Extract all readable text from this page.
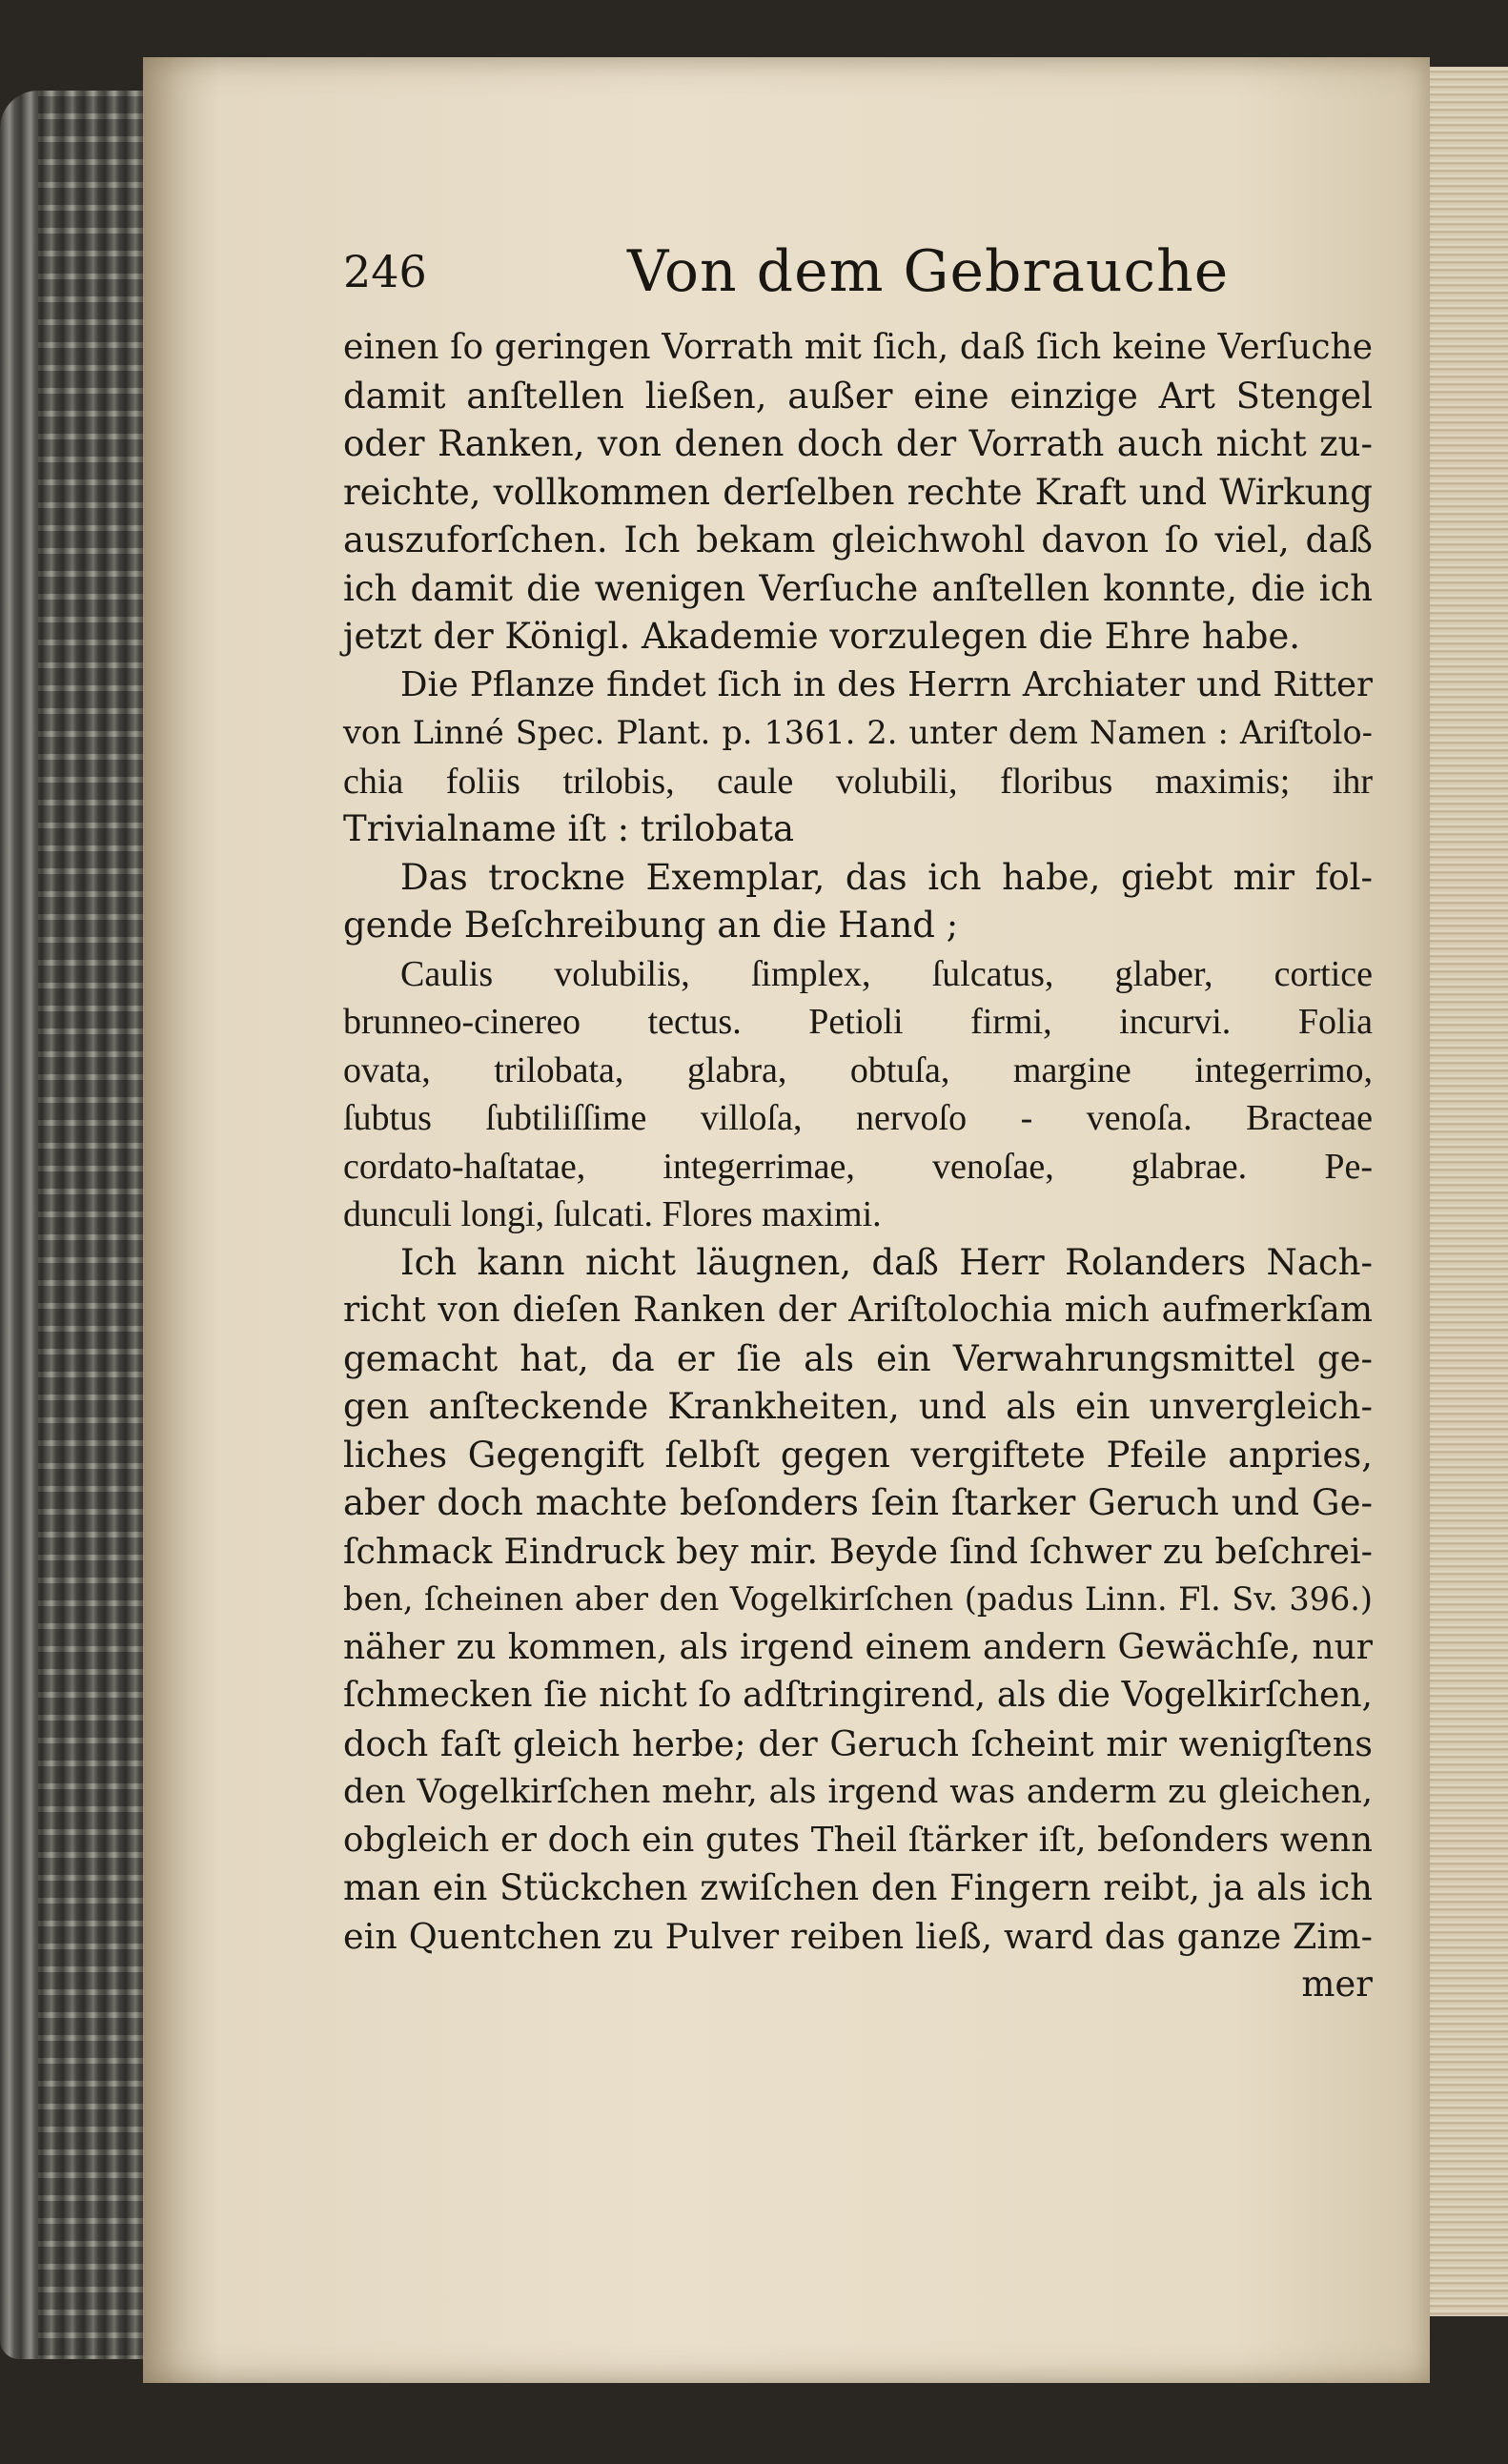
246	Von dem Gebrauche
einen ſo geringen Vorrath mit ſich, daß ſich keine Verſuche
damit anſtellen ließen, außer eine einzige Art Stengel
oder Ranken, von denen doch der Vorrath auch nicht zu-
reichte, vollkommen derſelben rechte Kraft und Wirkung
auszuforſchen. Ich bekam gleichwohl davon ſo viel, daß
ich damit die wenigen Verſuche anſtellen konnte, die ich
jetzt der Königl. Akademie vorzulegen die Ehre habe.
Die Pflanze findet ſich in des Herrn Archiater und Ritter
von Linné Spec. Plant. p. 1361. 2. unter dem Namen : Ariſtolo-
chia foliis trilobis, caule volubili, floribus maximis; ihr
Trivialname iſt : trilobata
Das trockne Exemplar, das ich habe, giebt mir fol-
gende Beſchreibung an die Hand ;
Caulis volubilis, ſimplex, ſulcatus, glaber, cortice
brunneo-cinereo tectus. Petioli firmi, incurvi. Folia
ovata, trilobata, glabra, obtuſa, margine integerrimo,
ſubtus ſubtiliſſime villoſa, nervoſo - venoſa. Bracteae
cordato-haſtatae, integerrimae, venoſae, glabrae. Pe-
dunculi longi, ſulcati. Flores maximi.
Ich kann nicht läugnen, daß Herr Rolanders Nach-
richt von dieſen Ranken der Ariſtolochia mich aufmerkſam
gemacht hat, da er ſie als ein Verwahrungsmittel ge-
gen anſteckende Krankheiten, und als ein unvergleich-
liches Gegengift ſelbſt gegen vergiftete Pfeile anpries,
aber doch machte beſonders ſein ſtarker Geruch und Ge-
ſchmack Eindruck bey mir. Beyde ſind ſchwer zu beſchrei-
ben, ſcheinen aber den Vogelkirſchen (padus Linn. Fl. Sv. 396.)
näher zu kommen, als irgend einem andern Gewächſe, nur
ſchmecken ſie nicht ſo adſtringirend, als die Vogelkirſchen,
doch faſt gleich herbe; der Geruch ſcheint mir wenigſtens
den Vogelkirſchen mehr, als irgend was anderm zu gleichen,
obgleich er doch ein gutes Theil ſtärker iſt, beſonders wenn
man ein Stückchen zwiſchen den Fingern reibt, ja als ich
ein Quentchen zu Pulver reiben ließ, ward das ganze Zim-
mer
